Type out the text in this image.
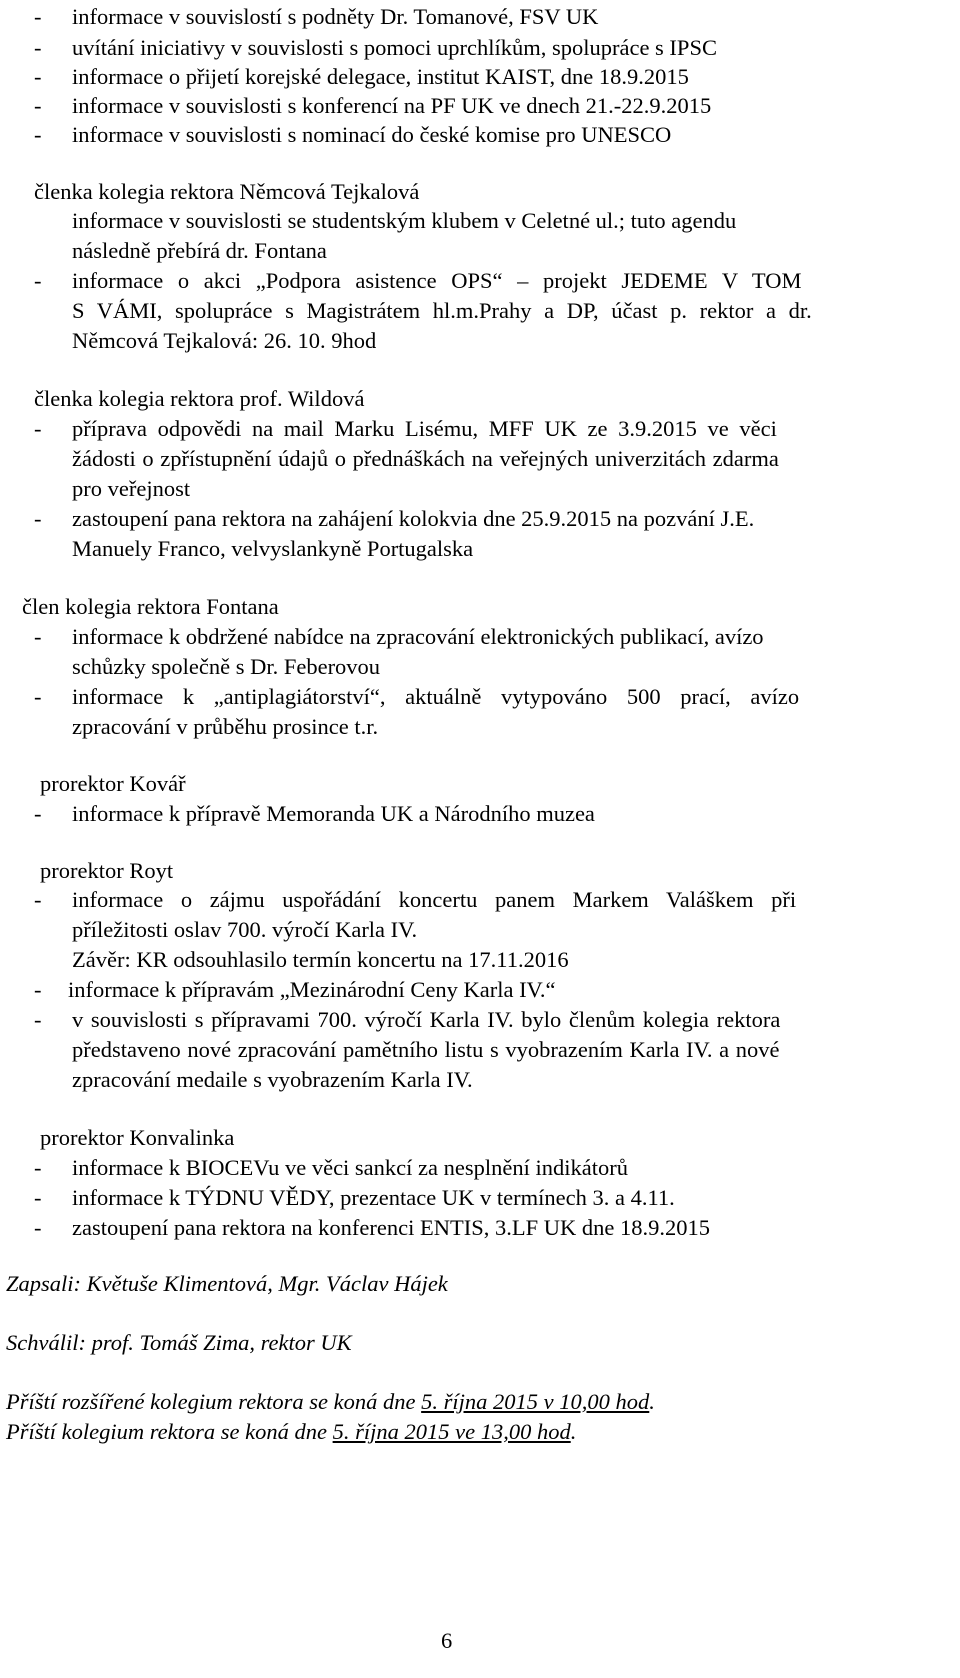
- informace v souvislostí s podněty Dr. Tomanové, FSV UK
- uvítání iniciativy v souvislosti s pomoci uprchlíkům, spolupráce s IPSC
- informace o přijetí korejské delegace, institut KAIST, dne 18.9.2015
- informace v souvislosti s konferencí na PF UK ve dnech 21.-22.9.2015
- informace v souvislosti s nominací do české komise pro UNESCO
členka kolegia rektora Němcová Tejkalová
informace v souvislosti se studentským klubem v Celetné ul.; tuto agendu
následně přebírá dr. Fontana
- informace o akci „Podpora asistence OPS“ – projekt JEDEME V TOM
S VÁMI, spolupráce s Magistrátem hl.m.Prahy a DP, účast p. rektor a dr.
Němcová Tejkalová: 26. 10. 9hod
členka kolegia rektora prof. Wildová
- příprava odpovědi na mail Marku Lisému, MFF UK ze 3.9.2015 ve věci
žádosti o zpřístupnění údajů o přednáškách na veřejných univerzitách zdarma
pro veřejnost
- zastoupení pana rektora na zahájení kolokvia dne 25.9.2015 na pozvání J.E.
Manuely Franco, velvyslankyně Portugalska
člen kolegia rektora Fontana
- informace k obdržené nabídce na zpracování elektronických publikací, avízo
schůzky společně s Dr. Feberovou
- informace k „antiplagiátorství“, aktuálně vytypováno 500 prací, avízo
zpracování v průběhu prosince t.r.
prorektor Kovář
- informace k přípravě Memoranda UK a Národního muzea
prorektor Royt
- informace o zájmu uspořádání koncertu panem Markem Valáškem při
příležitosti oslav 700. výročí Karla IV.
Závěr: KR odsouhlasilo termín koncertu na 17.11.2016
- informace k přípravám „Mezinárodní Ceny Karla IV.“
- v souvislosti s přípravami 700. výročí Karla IV. bylo členům kolegia rektora
představeno nové zpracování pamětního listu s vyobrazením Karla IV. a nové
zpracování medaile s vyobrazením Karla IV.
prorektor Konvalinka
- informace k BIOCEVu ve věci sankcí za nesplnění indikátorů
- informace k TÝDNU VĚDY, prezentace UK v termínech 3. a 4.11.
- zastoupení pana rektora na konferenci ENTIS, 3.LF UK dne 18.9.2015
Zapsali: Květuše Klimentová, Mgr. Václav Hájek
Schválil: prof. Tomáš Zima, rektor UK
Příští rozšířené kolegium rektora se koná dne 5. října 2015 v 10,00 hod.
Příští kolegium rektora se koná dne 5. října 2015 ve 13,00 hod.
6
